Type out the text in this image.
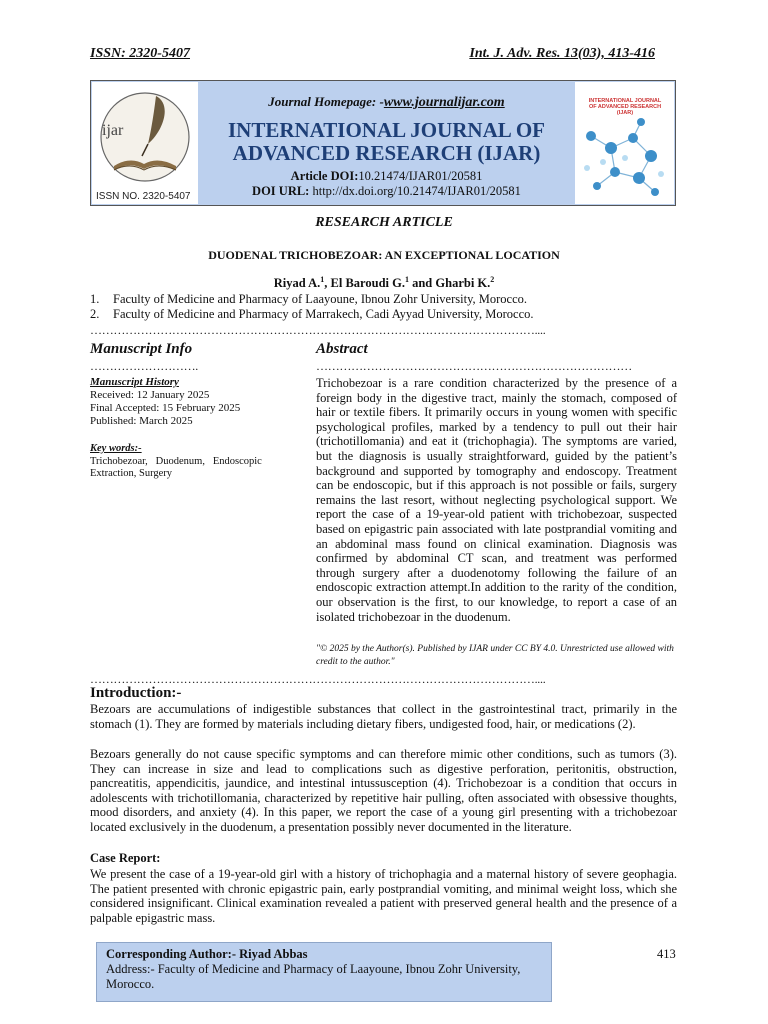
ISSN: 2320-5407	Int. J. Adv. Res. 13(03), 413-416
ijar
ISSN NO. 2320-5407
INTERNATIONAL JOURNAL OF ADVANCED RESEARCH (IJAR)
Journal Homepage: -www.journalijar.com
INTERNATIONAL JOURNAL OF
ADVANCED RESEARCH (IJAR)
Article DOI:10.21474/IJAR01/20581
DOI URL: http://dx.doi.org/10.21474/IJAR01/20581
RESEARCH ARTICLE
DUODENAL TRICHOBEZOAR: AN EXCEPTIONAL LOCATION
Riyad A.$^1$, El Baroudi G.$^1$ and Gharbi K.$^2$
1. Faculty of Medicine and Pharmacy of Laayoune, Ibnou Zohr University, Morocco.
2. Faculty of Medicine and Pharmacy of Marrakech, Cadi Ayyad University, Morocco.
……………………………………………………………………………………………………....
Manuscript Info
……………………….
Manuscript History
Received: 12 January 2025
Final Accepted: 15 February 2025
Published: March 2025
Key words:-
Trichobezoar,   Duodenum,   Endoscopic
Extraction, Surgery
Abstract
………………………………………………………………………
Trichobezoar is a rare condition characterized by the presence of a foreign body in the digestive tract, mainly the stomach, composed of hair or textile fibers. It primarily occurs in young women with specific psychological profiles, marked by a tendency to pull out their hair (trichotillomania) and eat it (trichophagia). The symptoms are varied, but the diagnosis is usually straightforward, guided by the patient’s background and supported by tomography and endoscopy. Treatment can be endoscopic, but if this approach is not possible or fails, surgery remains the last resort, without neglecting psychological support. We report the case of a 19-year-old patient with trichobezoar, suspected based on epigastric pain associated with late postprandial vomiting and an abdominal mass found on clinical examination. Diagnosis was confirmed by abdominal CT scan, and treatment was performed through surgery after a duodenotomy following the failure of an endoscopic extraction attempt.In addition to the rarity of the condition, our observation is the first, to our knowledge, to report a case of an isolated trichobezoar in the duodenum.
"© 2025 by the Author(s). Published by IJAR under CC BY 4.0. Unrestricted use allowed with credit to the author."
……………………………………………………………………………………………………....
Introduction:-
Bezoars are accumulations of indigestible substances that collect in the gastrointestinal tract, primarily in the stomach (1). They are formed by materials including dietary fibers, undigested food, hair, or medications (2).
Bezoars generally do not cause specific symptoms and can therefore mimic other conditions, such as tumors (3). They can increase in size and lead to complications such as digestive perforation, peritonitis, obstruction, pancreatitis, appendicitis, jaundice, and intestinal intussusception (4). Trichobezoar is a condition that occurs in adolescents with trichotillomania, characterized by repetitive hair pulling, often associated with obsessive thoughts, mood disorders, and anxiety (4). In this paper, we report the case of a young girl presenting with a trichobezoar located exclusively in the duodenum, a presentation possibly never documented in the literature.
Case Report:
We present the case of a 19-year-old girl with a history of trichophagia and a maternal history of severe geophagia. The patient presented with chronic epigastric pain, early postprandial vomiting, and minimal weight loss, which she considered insignificant. Clinical examination revealed a patient with preserved general health and the presence of a palpable epigastric mass.
Corresponding Author:- Riyad Abbas
Address:- Faculty of Medicine and Pharmacy of Laayoune, Ibnou Zohr University, Morocco.
413
